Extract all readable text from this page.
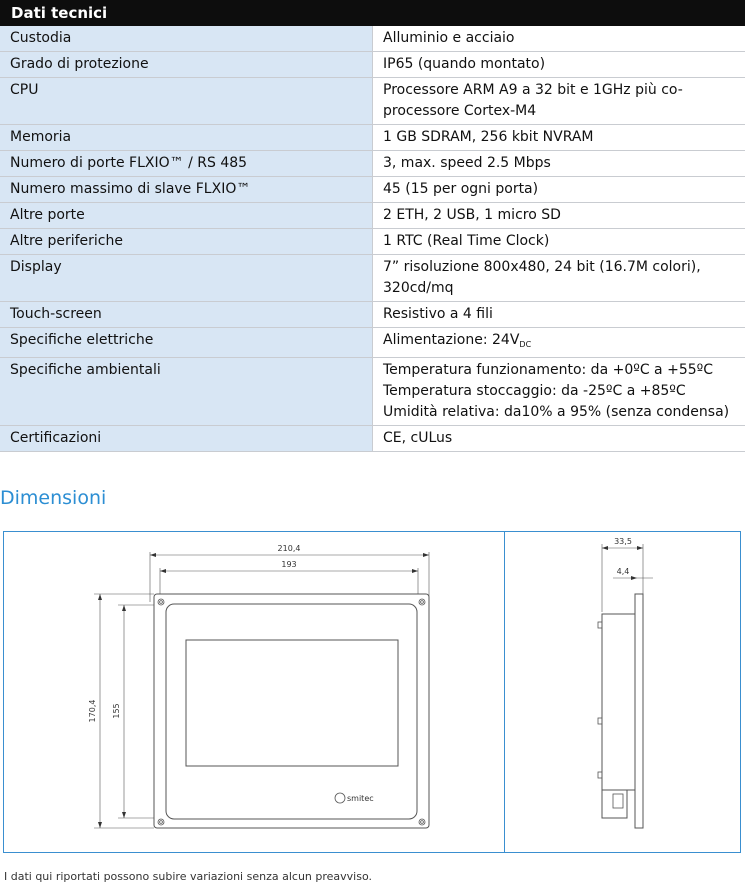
Dati tecnici	
Custodia	Alluminio e acciaio

Grado di protezione	IP65 (quando montato)

CPU	Processore ARM A9 a 32 bit e 1GHz più co-
processore Cortex-M4

Memoria	1 GB SDRAM, 256 kbit NVRAM

Numero di porte FLXIO™ / RS 485	3, max. speed 2.5 Mbps

Numero massimo di slave FLXIO™	45 (15 per ogni porta)

Altre porte	2 ETH, 2 USB, 1 micro SD

Altre periferiche	1 RTC (Real Time Clock)

Display	7” risoluzione 800x480, 24 bit (16.7M colori),
320cd/mq

Touch-screen	Resistivo a 4 fili

Specifiche elettriche	Alimentazione: $24V_{DC}$
Specifiche ambientali	Temperatura funzionamento: da +0ºC a +55ºC
Temperatura stoccaggio: da -25ºC a +85ºC
Umidità relativa: da10% a 95% (senza condensa)

Certificazioni	CE, cULus
Dimensioni
210,4
193
170,4 155
smitec
33,5
4,4
I dati qui riportati possono subire variazioni senza alcun preavviso.
